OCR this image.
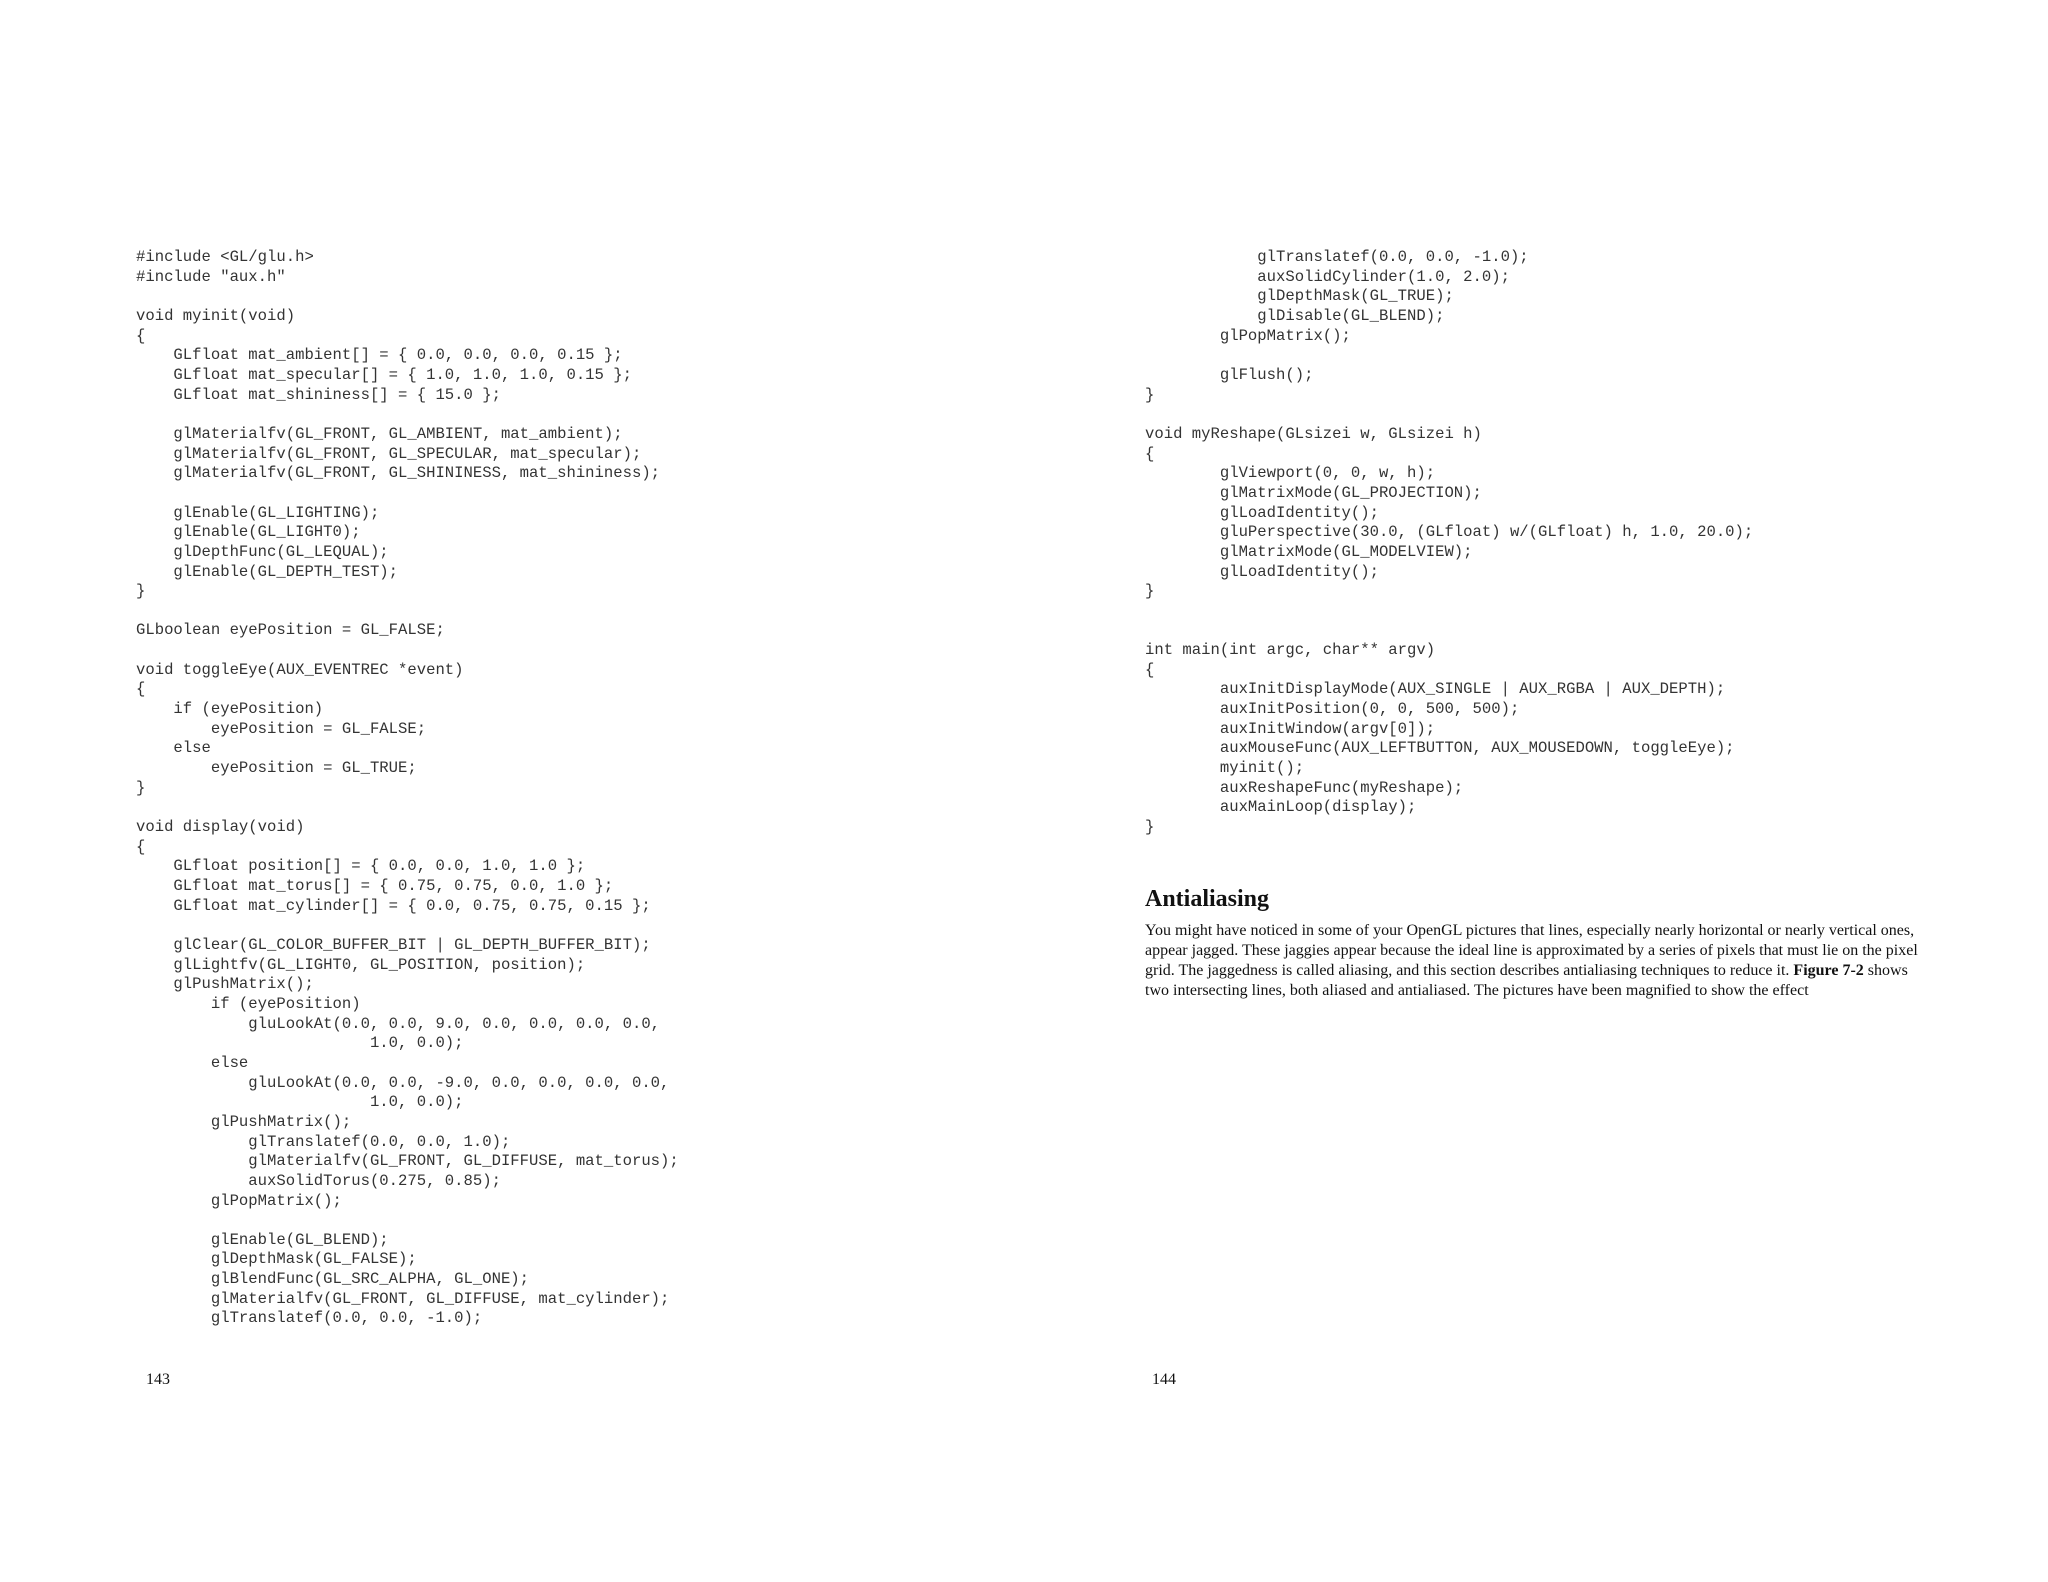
#include <GL/glu.h>
#include "aux.h"

void myinit(void)
{
GLfloat mat_ambient[] = { 0.0, 0.0, 0.0, 0.15 };
GLfloat mat_specular[] = { 1.0, 1.0, 1.0, 0.15 };
GLfloat mat_shininess[] = { 15.0 };

glMaterialfv(GL_FRONT, GL_AMBIENT, mat_ambient);
glMaterialfv(GL_FRONT, GL_SPECULAR, mat_specular);
glMaterialfv(GL_FRONT, GL_SHININESS, mat_shininess);

glEnable(GL_LIGHTING);
glEnable(GL_LIGHT0);
glDepthFunc(GL_LEQUAL);
glEnable(GL_DEPTH_TEST);
}

GLboolean eyePosition = GL_FALSE;

void toggleEye(AUX_EVENTREC *event)
{
if (eyePosition)
eyePosition = GL_FALSE;
else
eyePosition = GL_TRUE;
}

void display(void)
{
GLfloat position[] = { 0.0, 0.0, 1.0, 1.0 };
GLfloat mat_torus[] = { 0.75, 0.75, 0.0, 1.0 };
GLfloat mat_cylinder[] = { 0.0, 0.75, 0.75, 0.15 };

glClear(GL_COLOR_BUFFER_BIT | GL_DEPTH_BUFFER_BIT);
glLightfv(GL_LIGHT0, GL_POSITION, position);
glPushMatrix();
if (eyePosition)
gluLookAt(0.0, 0.0, 9.0, 0.0, 0.0, 0.0, 0.0,
1.0, 0.0);
else
gluLookAt(0.0, 0.0, -9.0, 0.0, 0.0, 0.0, 0.0,
1.0, 0.0);
glPushMatrix();
glTranslatef(0.0, 0.0, 1.0);
glMaterialfv(GL_FRONT, GL_DIFFUSE, mat_torus);
auxSolidTorus(0.275, 0.85);
glPopMatrix();

glEnable(GL_BLEND);
glDepthMask(GL_FALSE);
glBlendFunc(GL_SRC_ALPHA, GL_ONE);
glMaterialfv(GL_FRONT, GL_DIFFUSE, mat_cylinder);
glTranslatef(0.0, 0.0, -1.0);

143

glTranslatef(0.0, 0.0, -1.0);
auxSolidCylinder(1.0, 2.0);
glDepthMask(GL_TRUE);
glDisable(GL_BLEND);
glPopMatrix();

glFlush();
}

void myReshape(GLsizei w, GLsizei h)
{
glViewport(0, 0, w, h);
glMatrixMode(GL_PROJECTION);
glLoadIdentity();
gluPerspective(30.0, (GLfloat) w/(GLfloat) h, 1.0, 20.0);
glMatrixMode(GL_MODELVIEW);
glLoadIdentity();
}

int main(int argc, char** argv)
{
auxInitDisplayMode(AUX_SINGLE | AUX_RGBA | AUX_DEPTH);
auxInitPosition(0, 0, 500, 500);
auxInitWindow(argv[0]);
auxMouseFunc(AUX_LEFTBUTTON, AUX_MOUSEDOWN, toggleEye);
myinit();
auxReshapeFunc(myReshape);
auxMainLoop(display);
}
Antialiasing

You might have noticed in some of your OpenGL pictures that lines, especially nearly horizontal or nearly vertical ones, appear jagged. These jaggies appear because the ideal line is approximated by a series of pixels that must lie on the pixel grid. The jaggedness is called aliasing, and this section describes antialiasing techniques to reduce it. Figure 7-2 shows two intersecting lines, both aliased and antialiased. The pictures have been magnified to show the effect

144
